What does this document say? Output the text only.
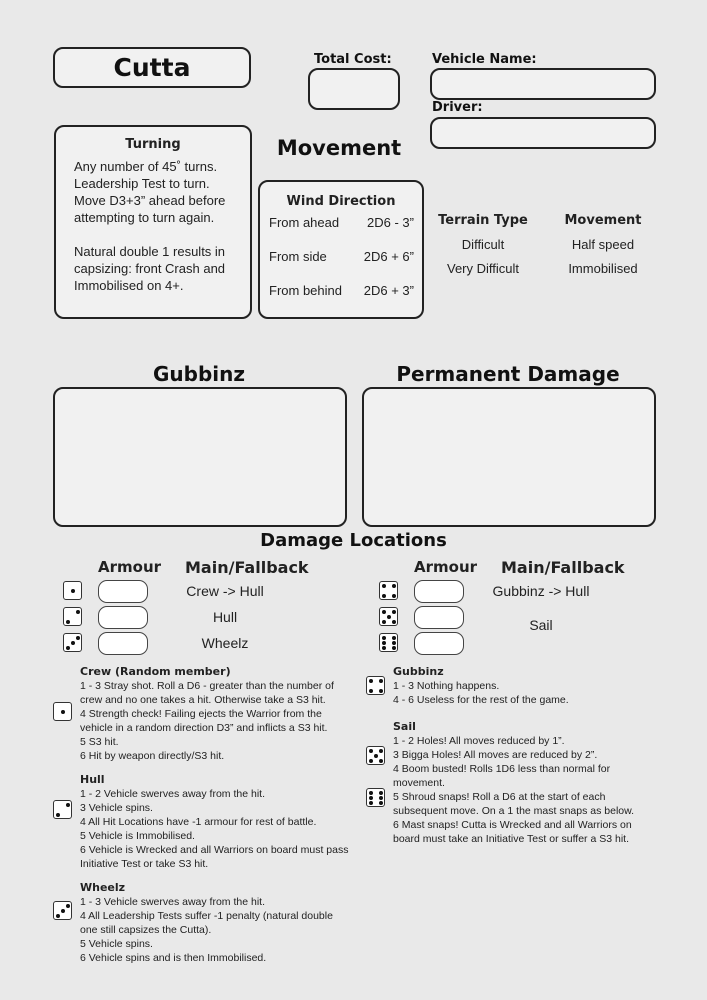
Cutta	Total Cost:	Vehicle Name:
Driver:
Turning
Any number of 45˚ turns. Leadership Test to turn. Move D3+3” ahead before attempting to turn again.
Natural double 1 results in capsizing: front Crash and Immobilised on 4+.
Movement
Wind Direction
From ahead 2D6 - 3”
From side	2D6 + 6”
From behind 2D6 + 3”
Terrain Type	Movement
Difficult	Half speed
Very Difficult	Immobilised
Gubbinz	Permanent Damage
Damage Locations
Armour Main/Fallback	Armour Main/Fallback
Crew -> Hull
Hull
Wheelz
Gubbinz -> Hull
Sail
Crew (Random member)
1 - 3 Stray shot. Roll a D6 - greater than the number of crew and no one takes a hit. Otherwise take a S3 hit.
4 Strength check! Failing ejects the Warrior from the vehicle in a random direction D3” and inflicts a S3 hit.
5 S3 hit.
6 Hit by weapon directly/S3 hit.
Hull
1 - 2 Vehicle swerves away from the hit.
3 Vehicle spins.
4 All Hit Locations have -1 armour for rest of battle.
5 Vehicle is Immobilised.
6 Vehicle is Wrecked and all Warriors on board must pass Initiative Test or take S3 hit.
Wheelz
1 - 3 Vehicle swerves away from the hit.
4 All Leadership Tests suffer -1 penalty (natural double one still capsizes the Cutta).
5 Vehicle spins.
6 Vehicle spins and is then Immobilised.
Gubbinz
1 - 3 Nothing happens.
4 - 6 Useless for the rest of the game.
Sail
1 - 2 Holes! All moves reduced by 1”.
3 Bigga Holes! All moves are reduced by 2”.
4 Boom busted! Rolls 1D6 less than normal for movement.
5 Shroud snaps! Roll a D6 at the start of each subsequent move. On a 1 the mast snaps as below.
6 Mast snaps! Cutta is Wrecked and all Warriors on board must take an Initiative Test or suffer a S3 hit.
